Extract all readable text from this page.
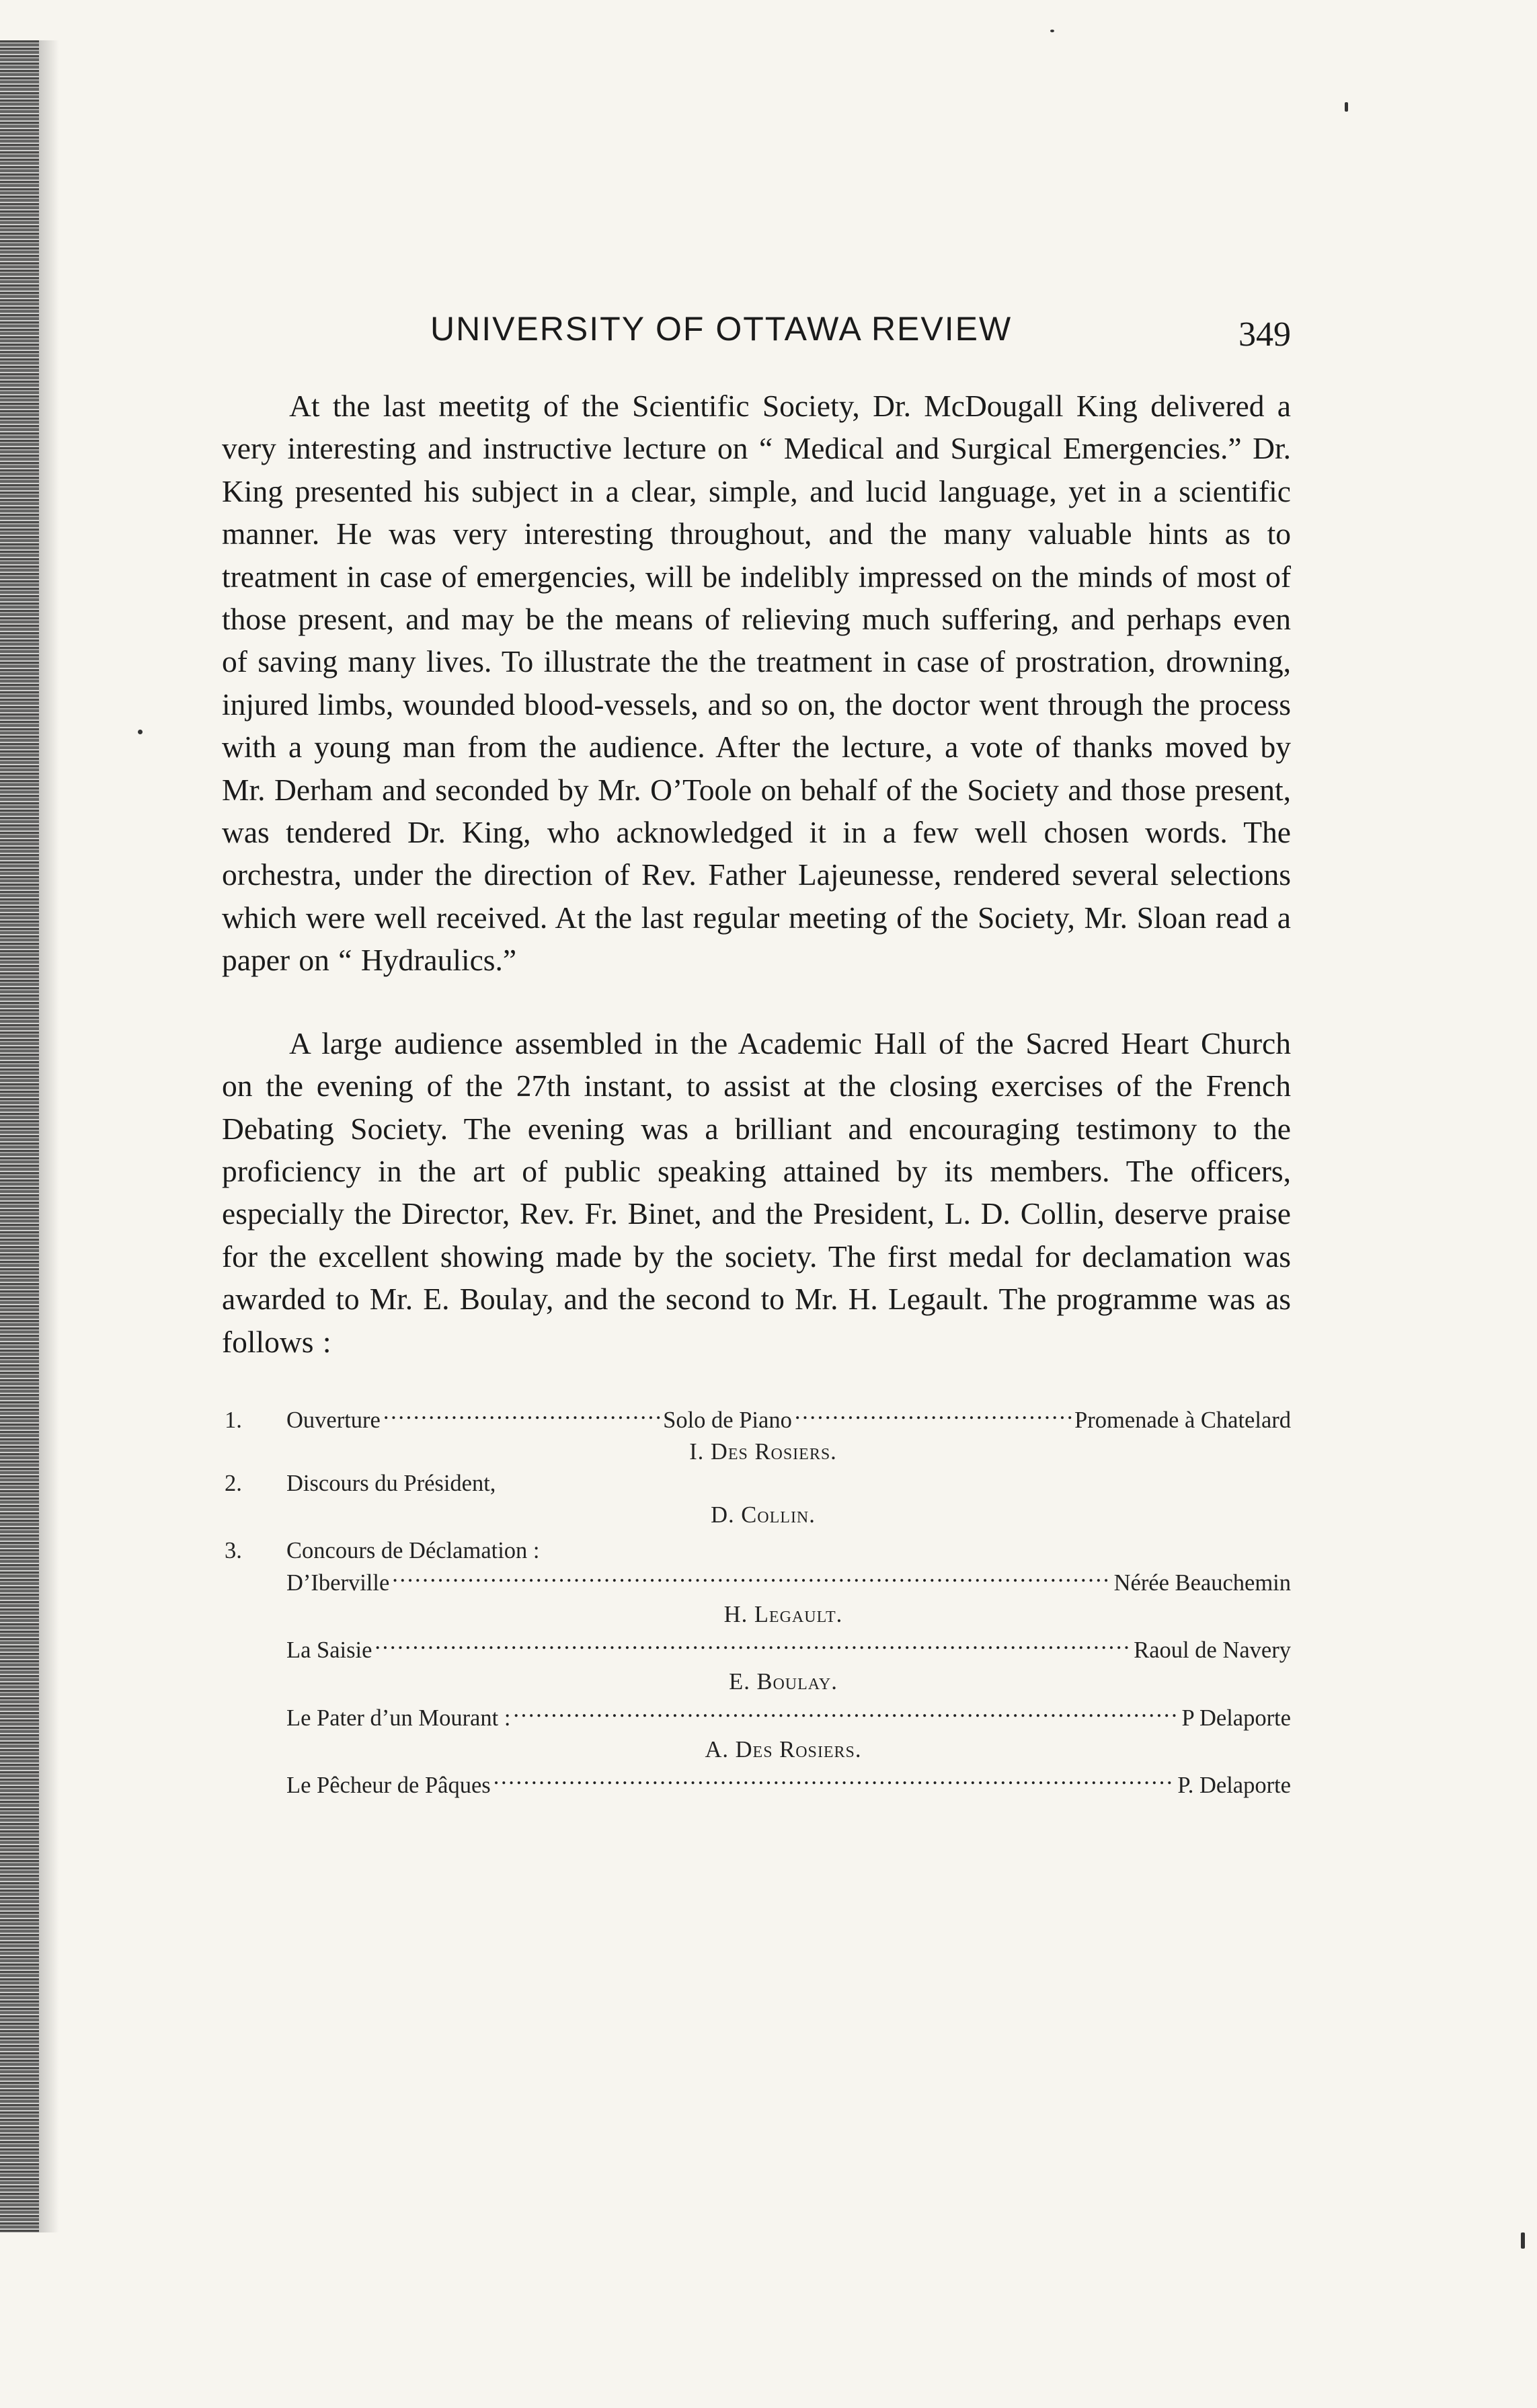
UNIVERSITY OF OTTAWA REVIEW	349

At the last meetitg of the Scientific Society, Dr. McDougall King delivered a very interesting and instructive lecture on “ Medical and Surgical Emergencies.” Dr. King presented his subject in a clear, simple, and lucid language, yet in a scientific manner. He was very interesting throughout, and the many valuable hints as to treatment in case of emergencies, will be indelibly impressed on the minds of most of those present, and may be the means of relieving much suffering, and perhaps even of saving many lives. To illustrate the the treatment in case of prostration, drowning, injured limbs, wounded blood-vessels, and so on, the doctor went through the process with a young man from the audience. After the lecture, a vote of thanks moved by Mr. Derham and seconded by Mr. O’Toole on behalf of the Society and those present, was tendered Dr. King, who acknowledged it in a few well chosen words. The orchestra, under the direction of Rev. Father Lajeunesse, rendered several selections which were well received. At the last regular meeting of the Society, Mr. Sloan read a paper on “ Hydraulics.”

A large audience assembled in the Academic Hall of the Sacred Heart Church on the evening of the 27th instant, to assist at the closing exercises of the French Debating Society. The evening was a brilliant and encouraging testimony to the proficiency in the art of public speaking attained by its members. The officers, especially the Director, Rev. Fr. Binet, and the President, L. D. Collin, deserve praise for the excellent showing made by the society. The first medal for declamation was awarded to Mr. E. Boulay, and the second to Mr. H. Legault. The programme was as follows :

1.	Ouverture . . .	Solo de Piano . . .	Promenade à Chatelard
I. Des Rosiers.
2.	Discours du Président,
D. Collin.
3.	Concours de Déclamation :
D’Iberville . . .	Nérée Beauchemin
H. Legault.
La Saisie . . .	Raoul de Navery
E. Boulay.
Le Pater d’un Mourant : . . .	P Delaporte
A. Des Rosiers.
Le Pêcheur de Pâques . . .	P. Delaporte
